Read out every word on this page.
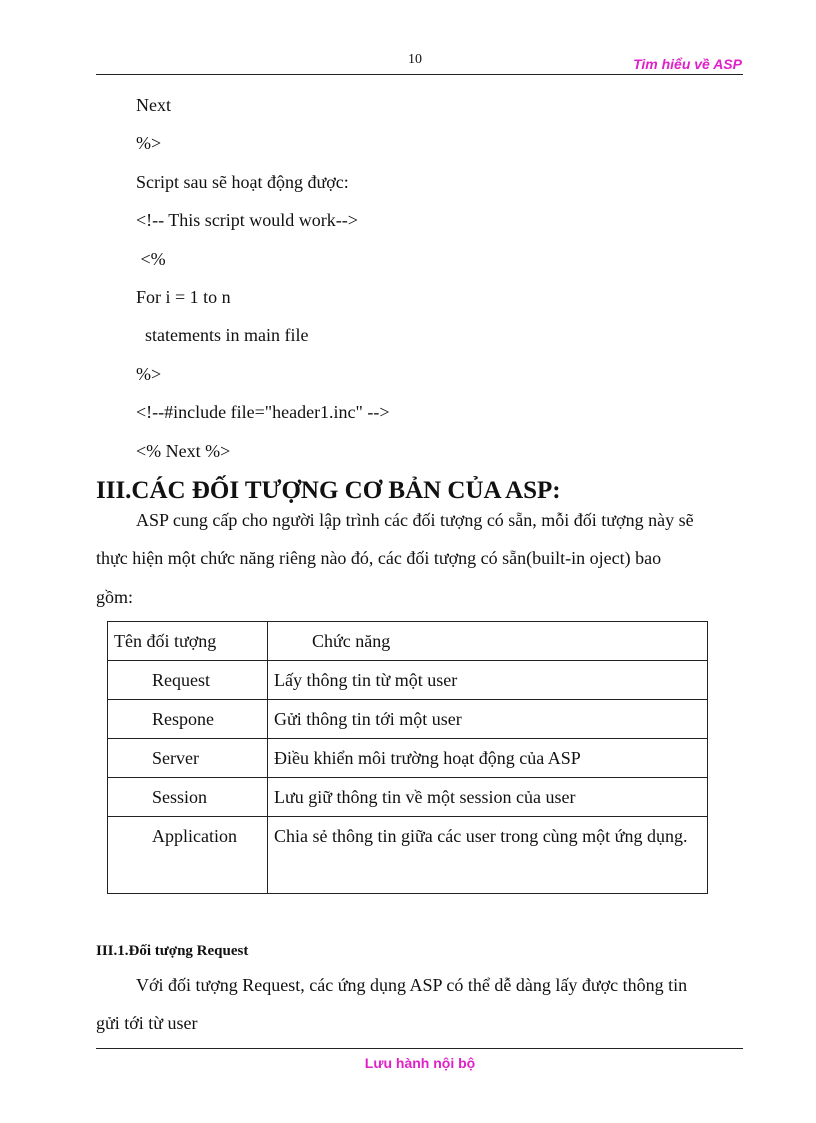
10	Tim hiểu về ASP
Next
%>
Script sau sẽ hoạt động được:
<!-- This script would work-->
<%
For i = 1 to n
statements in main file
%>
<!--#include file="header1.inc" -->
<% Next %>
III.CÁC ĐỐI TƯỢNG CƠ BẢN CỦA ASP:
ASP cung cấp cho người lập trình các đối tượng có sẵn, mỗi đối tượng này sẽ
thực hiện một chức năng riêng nào đó, các đối tượng có sẵn(built-in oject) bao
gồm:
Tên đối tượng	Chức năng

Request	Lấy thông tin từ một user

Respone	Gửi thông tin tới một user

Server	Điều khiển môi trường hoạt động của ASP

Session	Lưu giữ thông tin về một session của user

Application	Chia sẻ thông tin giữa các user trong cùng một ứng dụng.
III.1.Đối tượng Request
Với đối tượng Request, các ứng dụng ASP có thể dễ dàng lấy được thông tin
gửi tới từ user
Lưu hành nội bộ
